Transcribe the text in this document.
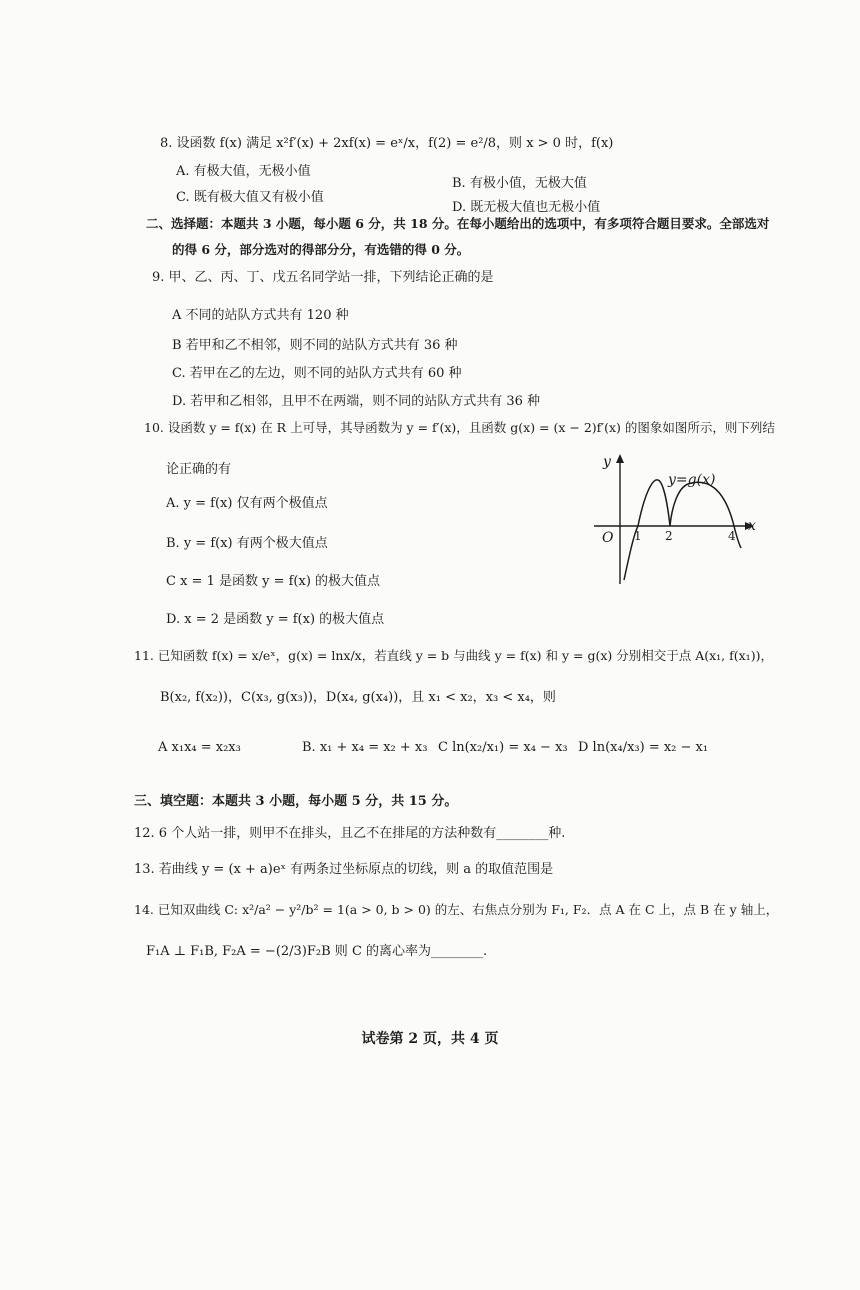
8. 设函数 f(x) 满足 x²f′(x) + 2xf(x) = eˣ/x，f(2) = e²/8，则 x > 0 时，f(x)
A. 有极大值，无极小值
B. 有极小值，无极大值
C. 既有极大值又有极小值
D. 既无极大值也无极小值
二、选择题：本题共 3 小题，每小题 6 分，共 18 分。在每小题给出的选项中，有多项符合题目要求。全部选对
的得 6 分，部分选对的得部分分，有选错的得 0 分。
9. 甲、乙、丙、丁、戊五名同学站一排，下列结论正确的是
A 不同的站队方式共有 120 种
B 若甲和乙不相邻，则不同的站队方式共有 36 种
C. 若甲在乙的左边，则不同的站队方式共有 60 种
D. 若甲和乙相邻，且甲不在两端，则不同的站队方式共有 36 种
10. 设函数 y = f(x) 在 R 上可导，其导函数为 y = f′(x)，且函数 g(x) = (x − 2)f′(x) 的图象如图所示，则下列结
论正确的有
A. y = f(x) 仅有两个极值点
B. y = f(x) 有两个极大值点
C x = 1 是函数 y = f(x) 的极大值点
D. x = 2 是函数 y = f(x) 的极大值点
y
x
y=g(x)
O 1 2	4
11. 已知函数 f(x) = x/eˣ，g(x) = lnx/x，若直线 y = b 与曲线 y = f(x) 和 y = g(x) 分别相交于点 A(x₁, f(x₁))，
B(x₂, f(x₂))，C(x₃, g(x₃))，D(x₄, g(x₄))，且 x₁ < x₂，x₃ < x₄，则
A x₁x₄ = x₂x₃	B. x₁ + x₄ = x₂ + x₃ C ln(x₂/x₁) = x₄ − x₃ D ln(x₄/x₃) = x₂ − x₁
三、填空题：本题共 3 小题，每小题 5 分，共 15 分。
12. 6 个人站一排，则甲不在排头，且乙不在排尾的方法种数有________种.
13. 若曲线 y = (x + a)eˣ 有两条过坐标原点的切线，则 a 的取值范围是
14. 已知双曲线 C: x²/a² − y²/b² = 1(a > 0, b > 0) 的左、右焦点分别为 F₁, F₂．点 A 在 C 上，点 B 在 y 轴上，
F₁A ⊥ F₁B, F₂A = −(2/3)F₂B 则 C 的离心率为________.
试卷第 2 页，共 4 页
